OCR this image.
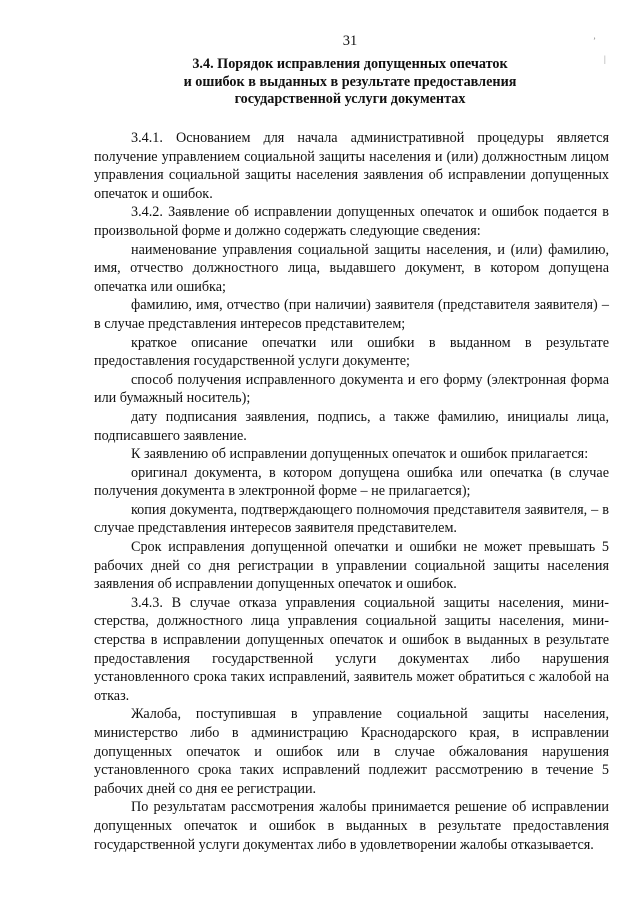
31
3.4. Порядок исправления допущенных опечаток
и ошибок в выданных в результате предоставления
государственной услуги документах

3.4.1. Основанием для начала административной процедуры является получение управлением социальной защиты населения и (или) должностным лицом управления социальной защиты населения заявления об исправлении допущенных опечаток и ошибок.

3.4.2. Заявление об исправлении допущенных опечаток и ошибок подается в произвольной форме и должно содержать следующие сведения:

наименование управления социальной защиты населения, и (или) фамилию, имя, отчество должностного лица, выдавшего документ, в котором допущена опечатка или ошибка;

фамилию, имя, отчество (при наличии) заявителя (представителя заявителя) – в случае представления интересов представителем;

краткое описание опечатки или ошибки в выданном в результате предоставления государственной услуги документе;

способ получения исправленного документа и его форму (электронная форма или бумажный носитель);

дату подписания заявления, подпись, а также фамилию, инициалы лица, подписавшего заявление.

К заявлению об исправлении допущенных опечаток и ошибок прилагается:

оригинал документа, в котором допущена ошибка или опечатка (в случае получения документа в электронной форме – не прилагается);

копия документа, подтверждающего полномочия представителя заявителя, – в случае представления интересов заявителя представителем.

Срок исправления допущенной опечатки и ошибки не может превышать 5 рабочих дней со дня регистрации в управлении социальной защиты населения заявления об исправлении допущенных опечаток и ошибок.

3.4.3. В случае отказа управления социальной защиты населения, министерства, должностного лица управления социальной защиты населения, министерства в исправлении допущенных опечаток и ошибок в выданных в результате предоставления государственной услуги документах либо нарушения установленного срока таких исправлений, заявитель может обратиться с жалобой на отказ.

Жалоба, поступившая в управление социальной защиты населения, министерство либо в администрацию Краснодарского края, в исправлении допущенных опечаток и ошибок или в случае обжалования нарушения установленного срока таких исправлений подлежит рассмотрению в течение 5 рабочих дней со дня ее регистрации.

По результатам рассмотрения жалобы принимается решение об исправлении допущенных опечаток и ошибок в выданных в результате предоставления государственной услуги документах либо в удовлетворении жалобы отказывается.

ʼ
|
